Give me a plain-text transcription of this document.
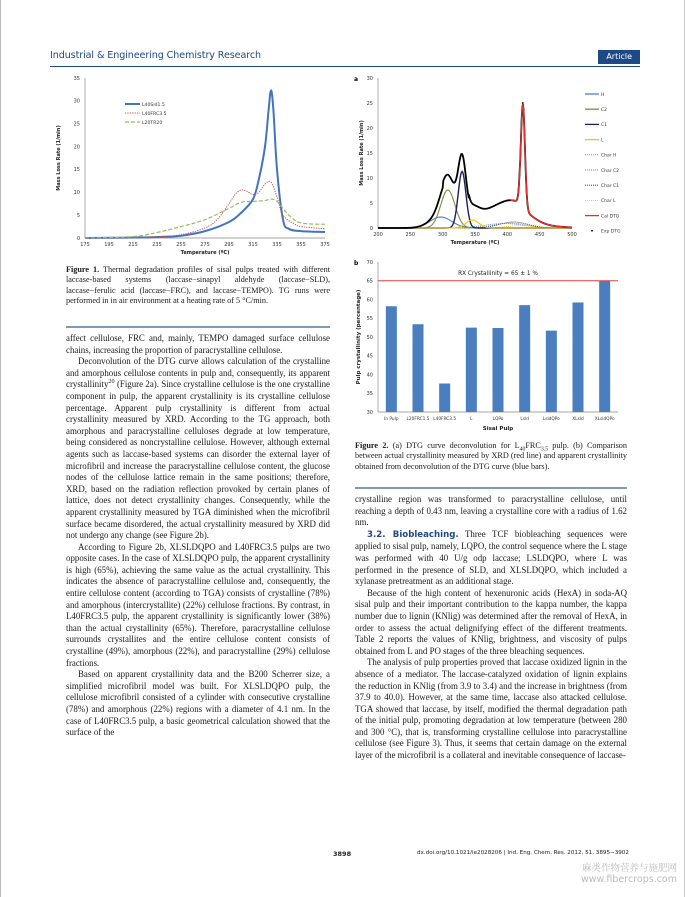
Industrial & Engineering Chemistry Research	Article
0
5
10
15
20
25
30
35
175	195	215	235	255	275	295	315	335	355	375
Temperature (ºC)
Mass Loss Rate (1/min)
L40Sld1.5
L40FRC3.5
L20TR20
a
0
5
10
15
20
25
30
200	250	300	350	400	450	500
Temperature (ºC)
Mass Loss Rate (1/min)
H
C2
C1
L
Char H
Char C2
Char C1
Char L
Cal DTG
Exp DTG
b
30
35
40
45
50
55
60
65
70
Sisal Pulp
Pulp crystallinity (percentage)
In Pulp L20FRC1.5 L40FRC3.5	L	LQPo	Lsld	LsldQPo	XLsld	XLsldQPo
RX Crystallinity = 65 ± 1 %
Figure 1. Thermal degradation profiles of sisal pulps treated with different laccase-based systems (laccase−sinapyl aldehyde (laccase−SLD), laccase−ferulic acid (laccase−FRC), and laccase−TEMPO). TG runs were performed in in air environment at a heating rate of 5 °C/min.
Figure 2. (a) DTG curve deconvolution for $L_{40}FRC_{3.5}$ pulp. (b) Comparison between actual crystallinity measured by XRD (red line) and apparent crystallinity obtained from deconvolution of the DTG curve (blue bars).

affect cellulose, FRC and, mainly, TEMPO damaged surface cellulose chains, increasing the proportion of paracrystalline cellulose.

Deconvolution of the DTG curve allows calculation of the crystalline and amorphous cellulose contents in pulp and, consequently, its apparent crystallinity$^{20}$ (Figure 2a). Since crystalline cellulose is the one crystalline component in pulp, the apparent crystallinity is its crystalline cellulose percentage. Apparent pulp crystallinity is different from actual crystallinity measured by XRD. According to the TG approach, both amorphous and paracrystalline celluloses degrade at low temperature, being considered as noncrystalline cellulose. However, although external agents such as laccase-based systems can disorder the external layer of microfibril and increase the paracrystalline cellulose content, the glucose nodes of the cellulose lattice remain in the same positions; therefore, XRD, based on the radiation reflection provoked by certain planes of lattice, does not detect crystallinity changes. Consequently, while the apparent crystallinity measured by TGA diminished when the microfibril surface became disordered, the actual crystallinity measured by XRD did not undergo any change (see Figure 2b).

According to Figure 2b, XLSLDQPO and L40FRC3.5 pulps are two opposite cases. In the case of XLSLDQPO pulp, the apparent crystallinity is high (65%), achieving the same value as the actual crystallinity. This indicates the absence of paracrystalline cellulose and, consequently, the entire cellulose content (according to TGA) consists of crystalline (78%) and amorphous (intercrystallite) (22%) cellulose fractions. By contrast, in L40FRC3.5 pulp, the apparent crystallinity is significantly lower (38%) than the actual crystallinity (65%). Therefore, paracrystalline cellulose surrounds crystallites and the entire cellulose content consists of crystalline (49%), amorphous (22%), and paracrystalline (29%) cellulose fractions.

Based on apparent crystallinity data and the B200 Scherrer size, a simplified microfibril model was built. For XLSLDQPO pulp, the cellulose microfibril consisted of a cylinder with consecutive crystalline (78%) and amorphous (22%) regions with a diameter of 4.1 nm. In the case of L40FRC3.5 pulp, a basic geometrical calculation showed that the surface of the

crystalline region was transformed to paracrystalline cellulose, until reaching a depth of 0.43 nm, leaving a crystalline core with a radius of 1.62 nm.

3.2. Biobleaching. Three TCF biobleaching sequences were applied to sisal pulp, namely, LQPO, the control sequence where the L stage was performed with 40 U/g odp laccase; LSLDQPO, where L was performed in the presence of SLD, and XLSLDQPO, which included a xylanase pretreatment as an additional stage.

Because of the high content of hexenuronic acids (HexA) in soda-AQ sisal pulp and their important contribution to the kappa number, the kappa number due to lignin (KNlig) was determined after the removal of HexA, in order to assess the actual delignifying effect of the different treatments. Table 2 reports the values of KNlig, brightness, and viscosity of pulps obtained from L and PO stages of the three bleaching sequences.

The analysis of pulp properties proved that laccase oxidized lignin in the absence of a mediator. The laccase-catalyzed oxidation of lignin explains the reduction in KNlig (from 3.9 to 3.4) and the increase in brightness (from 37.9 to 40.0). However, at the same time, laccase also attacked cellulose. TGA showed that laccase, by itself, modified the thermal degradation path of the initial pulp, promoting degradation at low temperature (between 280 and 300 °C), that is, transforming crystalline cellulose into paracrystalline cellulose (see Figure 3). Thus, it seems that certain damage on the external layer of the microfibril is a collateral and inevitable consequence of laccase-

3898	dx.doi.org/10.1021/ie2028206 | Ind. Eng. Chem. Res. 2012, 51, 3895−3902
麻类作物营养与施肥网
www.fibercrops.com
